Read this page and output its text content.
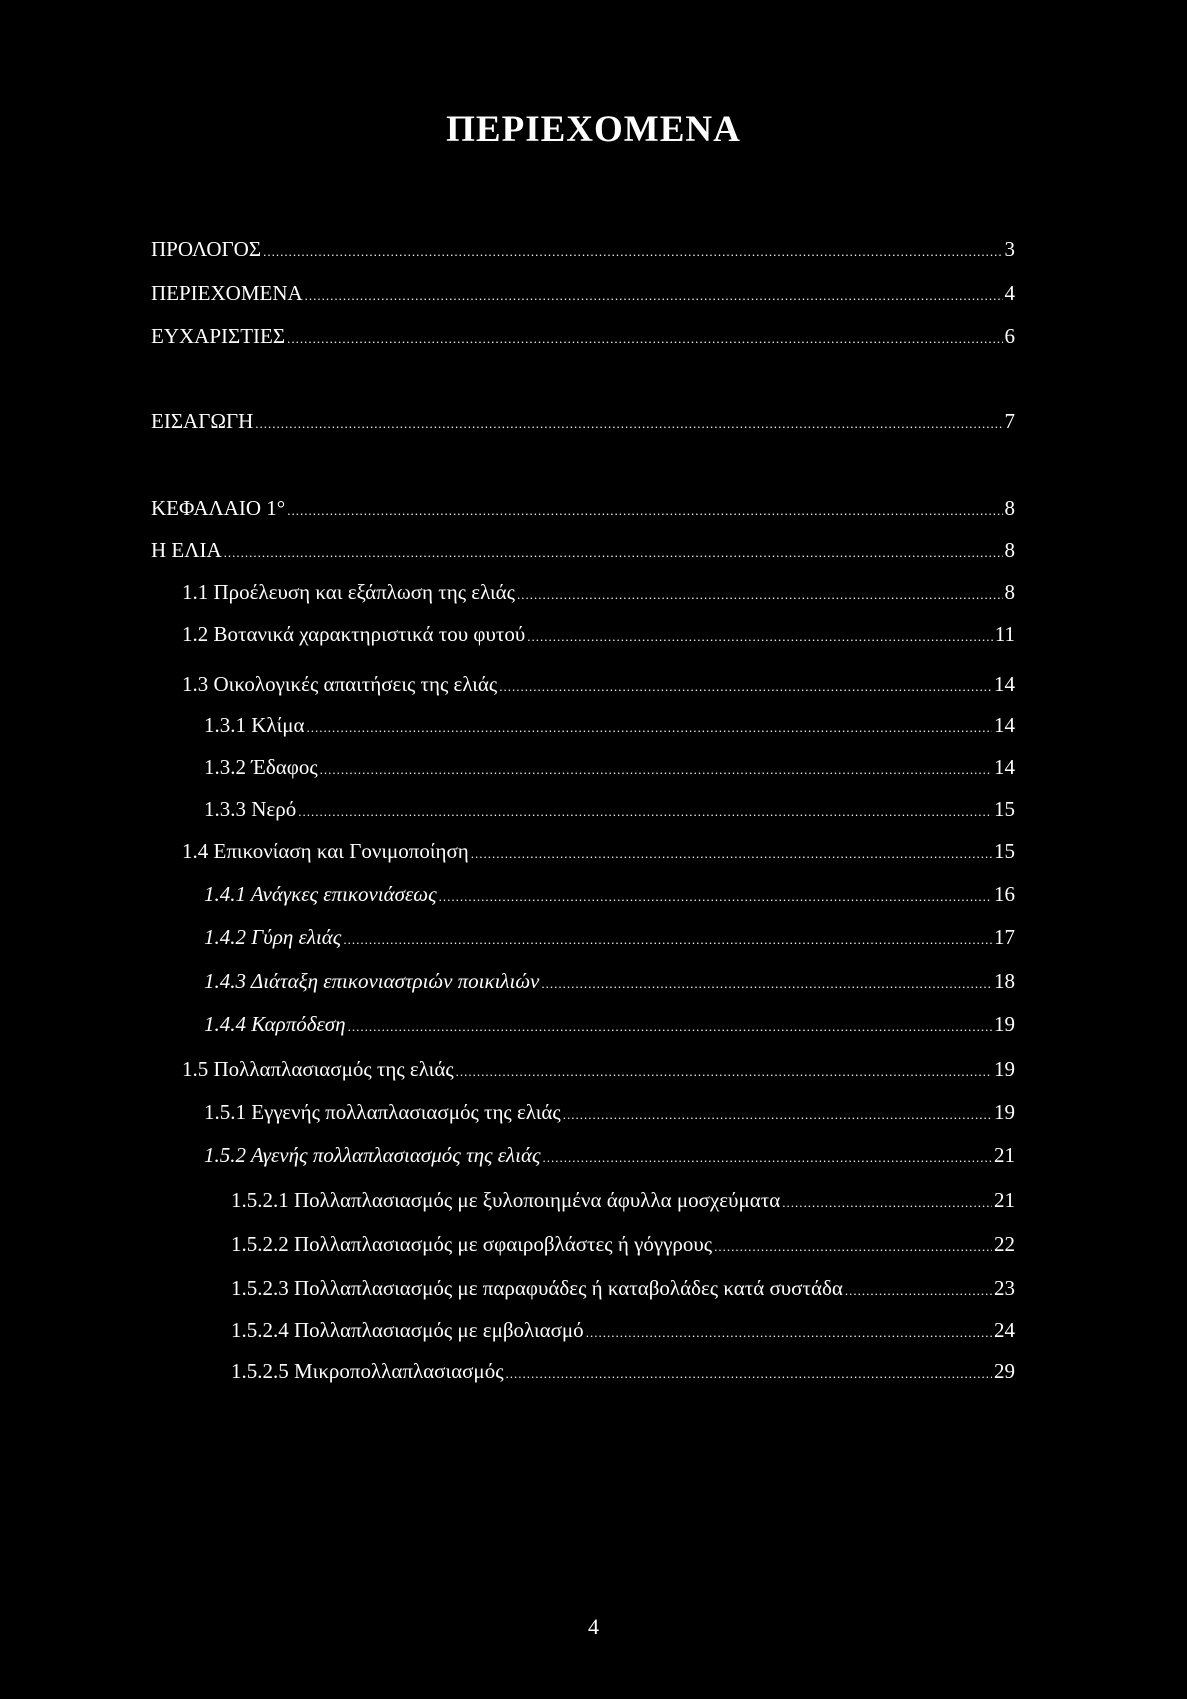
ΠΕΡΙΕΧΟΜΕΝΑ
ΠΡΟΛΟΓΟΣ .....	3
ΠΕΡΙΕΧΟΜΕΝΑ .....	4
ΕΥΧΑΡΙΣΤΙΕΣ .....	6
ΕΙΣΑΓΩΓΗ .....	7
ΚΕΦΑΛΑΙΟ 1° .....	8
Η ΕΛΙΑ .....	8
1.1 Προέλευση και εξάπλωση της ελιάς .....	8
1.2 Βοτανικά χαρακτηριστικά του φυτού .....	11
1.3 Οικολογικές απαιτήσεις της ελιάς .....	14
1.3.1 Κλίμα .....	14
1.3.2 Έδαφος .....	14
1.3.3 Νερό .....	15
1.4 Επικονίαση και Γονιμοποίηση .....	15
1.4.1 Ανάγκες επικονιάσεως .....	16
1.4.2 Γύρη ελιάς .....	17
1.4.3 Διάταξη επικονιαστριών ποικιλιών .....	18
1.4.4 Καρπόδεση .....	19
1.5 Πολλαπλασιασμός της ελιάς .....	19
1.5.1 Εγγενής πολλαπλασιασμός της ελιάς .....	19
1.5.2 Αγενής πολλαπλασιασμός της ελιάς .....	21
1.5.2.1 Πολλαπλασιασμός με ξυλοποιημένα άφυλλα μοσχεύματα .....	21
1.5.2.2 Πολλαπλασιασμός με σφαιροβλάστες ή γόγγρους .....	22
1.5.2.3 Πολλαπλασιασμός με παραφυάδες ή καταβολάδες κατά συστάδα .....	23
1.5.2.4 Πολλαπλασιασμός με εμβολιασμό .....	24
1.5.2.5 Μικροπολλαπλασιασμός .....	29
4
